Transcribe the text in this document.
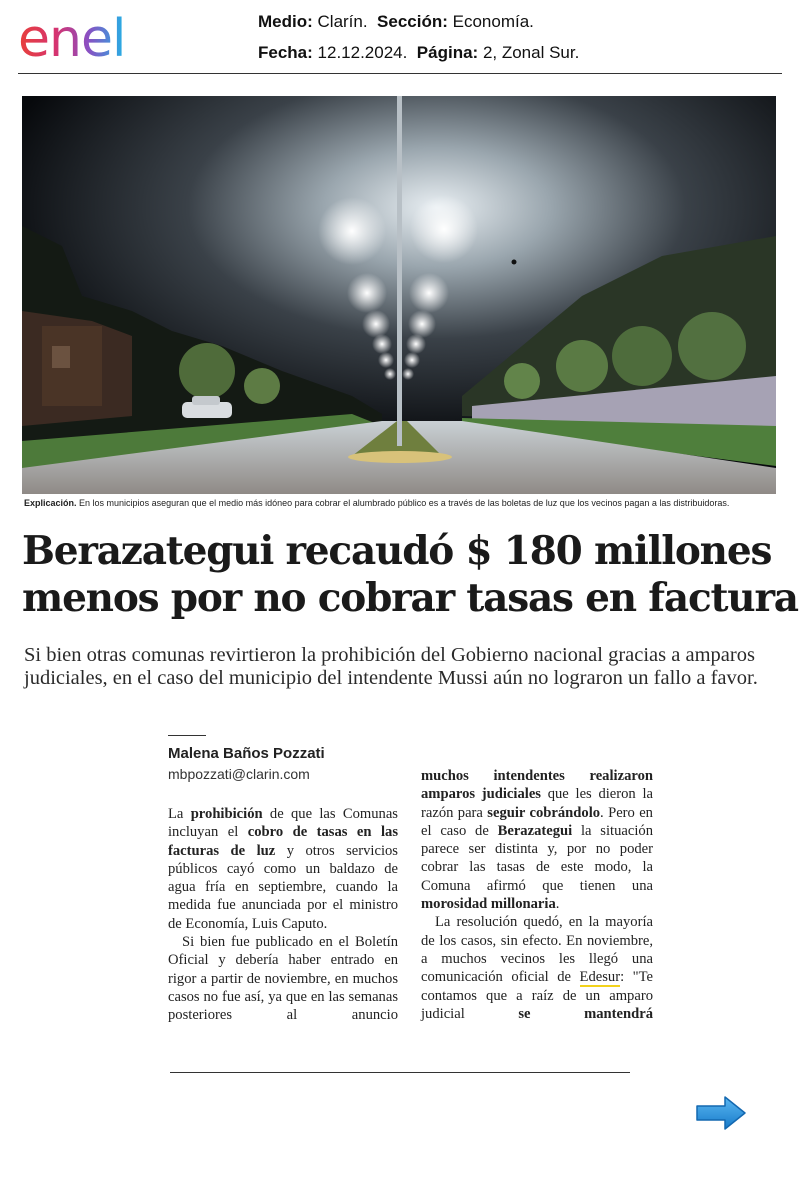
enel	Medio: Clarín. Sección: Economía.
Fecha: 12.12.2024. Página: 2, Zonal Sur.
Explicación. En los municipios aseguran que el medio más idóneo para cobrar el alumbrado público es a través de las boletas de luz que los vecinos pagan a las distribuidoras.
Berazategui recaudó $ 180 millones
menos por no cobrar tasas en factura
Si bien otras comunas revirtieron la prohibición del Gobierno nacional gracias a amparos judiciales, en el caso del municipio del intendente Mussi aún no lograron un fallo a favor.
Malena Baños Pozzati
mbpozzati@clarin.com

La prohibición de que las Comunas incluyan el cobro de tasas en las facturas de luz y otros servicios públicos cayó como un baldazo de agua fría en septiembre, cuando la medida fue anunciada por el ministro de Economía, Luis Caputo.

Si bien fue publicado en el Boletín Oficial y debería haber entrado en rigor a partir de noviembre, en muchos casos no fue así, ya que en las semanas posteriores al anuncio

muchos intendentes realizaron amparos judiciales que les dieron la razón para seguir cobrándolo. Pero en el caso de Berazategui la situación parece ser distinta y, por no poder cobrar las tasas de este modo, la Comuna afirmó que tienen una morosidad millonaria.

La resolución quedó, en la mayoría de los casos, sin efecto. En noviembre, a muchos vecinos les llegó una comunicación oficial de Edesur: "Te contamos que a raíz de un amparo judicial se mantendrá
